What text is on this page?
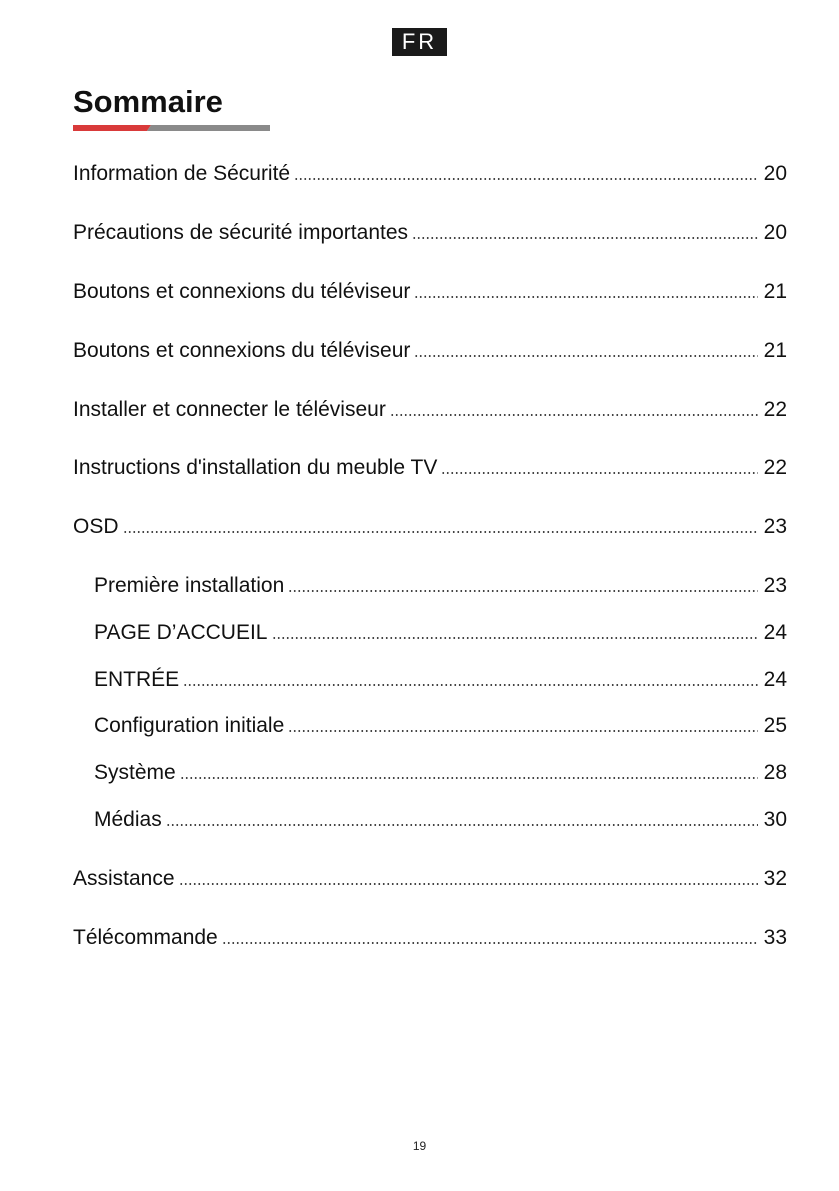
FR
Sommaire
Information de Sécurité	20
Précautions de sécurité importantes	20
Boutons et connexions du téléviseur	21
Boutons et connexions du téléviseur	21
Installer et connecter le téléviseur	22
Instructions d'installation du meuble TV	22
OSD	23
Première installation	23
PAGE D’ACCUEIL	24
ENTRÉE	24
Configuration initiale	25
Système	28
Médias	30
Assistance	32
Télécommande	33
19
